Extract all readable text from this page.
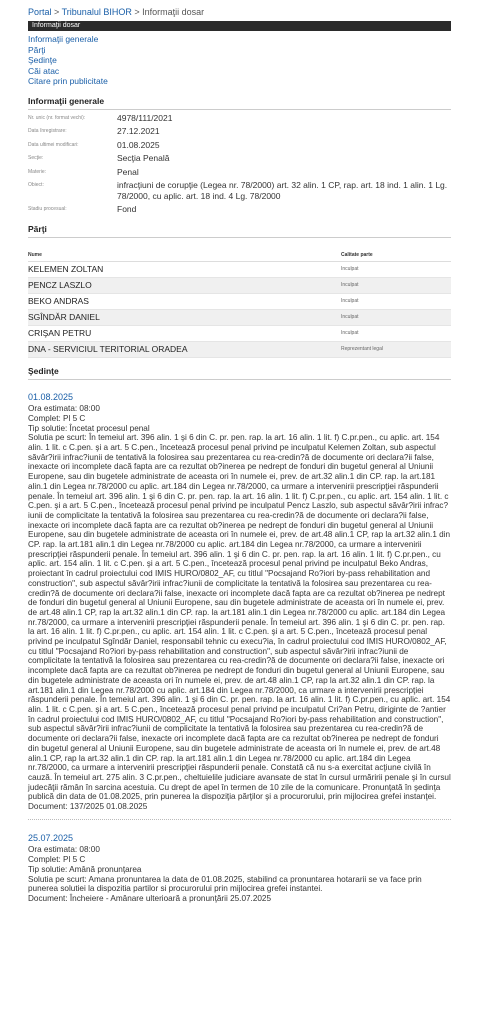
Portal > Tribunalul BIHOR > Informaţii dosar
Informaţii dosar
Informaţii generale
Părţi
Şedinţe
Căi atac
Citare prin publicitate
Informaţii generale
Nr. unic (nr. format vechi):	4978/111/2021
Data înregistrare:	27.12.2021
Data ultimei modificari:	01.08.2025
Secţie:	Secţia Penală
Materie:	Penal
Obiect:	infracţiuni de corupţie (Legea nr. 78/2000) art. 32 alin. 1 CP, rap. art. 18 ind. 1 alin. 1 Lg. 78/2000, cu aplic. art. 18 ind. 4 Lg. 78/2000
Stadiu procesual:	Fond
Părţi
Nume	Calitate parte
KELEMEN ZOLTAN	Inculpat
PENCZ LASZLO	Inculpat
BEKO ANDRAS	Inculpat
SGÎNDĂR DANIEL	Inculpat
CRIŞAN PETRU	Inculpat
DNA - SERVICIUL TERITORIAL ORADEA	Reprezentant legal
Şedinţe
01.08.2025
Ora estimata: 08:00
Complet: Pl 5 C
Tip solutie: Încetat procesul penal
Solutia pe scurt: În temeiul art. 396 alin. 1 şi 6 din C. pr. pen. rap. la art. 16 alin. 1 lit. f) C.pr.pen., cu aplic. art. 154 alin. 1 lit. c C.pen. şi a art. 5 C.pen., încetează procesul penal privind pe inculpatul Kelemen Zoltan, sub aspectul săvâr?irii infrac?iunii de tentativă la folosirea sau prezentarea cu rea-credin?ă de documente ori declara?ii false, inexacte ori incomplete dacă fapta are ca rezultat ob?inerea pe nedrept de fonduri din bugetul general al Uniunii Europene, sau din bugetele administrate de aceasta ori în numele ei, prev. de art.32 alin.1 din CP. rap. la art.181 alin.1 din Legea nr.78/2000 cu aplic. art.184 din Legea nr.78/2000, ca urmare a intervenirii prescripţiei răspunderii penale. În temeiul art. 396 alin. 1 şi 6 din C. pr. pen. rap. la art. 16 alin. 1 lit. f) C.pr.pen., cu aplic. art. 154 alin. 1 lit. c C.pen. şi a art. 5 C.pen., încetează procesul penal privind pe inculpatul Pencz Laszlo, sub aspectul săvâr?irii infrac?iunii de complicitate la tentativă la folosirea sau prezentarea cu rea-credin?ă de documente ori declara?ii false, inexacte ori incomplete dacă fapta are ca rezultat ob?inerea pe nedrept de fonduri din bugetul general al Uniunii Europene, sau din bugetele administrate de aceasta ori în numele ei, prev. de art.48 alin.1 CP, rap la art.32 alin.1 din CP. rap. la art.181 alin.1 din Legea nr.78/2000 cu aplic. art.184 din Legea nr.78/2000, ca urmare a intervenirii prescripţiei răspunderii penale. În temeiul art. 396 alin. 1 şi 6 din C. pr. pen. rap. la art. 16 alin. 1 lit. f) C.pr.pen., cu aplic. art. 154 alin. 1 lit. c C.pen. şi a art. 5 C.pen., încetează procesul penal privind pe inculpatul Beko Andras, proiectant în cadrul proiectului cod IMIS HURO/0802_AF, cu titlul "Pocsajand Ro?iori by-pass rehabilitation and construction", sub aspectul săvâr?irii infrac?iunii de complicitate la tentativă la folosirea sau prezentarea cu rea-credin?ă de documente ori declara?ii false, inexacte ori incomplete dacă fapta are ca rezultat ob?inerea pe nedrept de fonduri din bugetul general al Uniunii Europene, sau din bugetele administrate de aceasta ori în numele ei, prev. de art.48 alin.1 CP, rap la art.32 alin.1 din CP. rap. la art.181 alin.1 din Legea nr.78/2000 cu aplic. art.184 din Legea nr.78/2000, ca urmare a intervenirii prescripţiei răspunderii penale. În temeiul art. 396 alin. 1 şi 6 din C. pr. pen. rap. la art. 16 alin. 1 lit. f) C.pr.pen., cu aplic. art. 154 alin. 1 lit. c C.pen. şi a art. 5 C.pen., încetează procesul penal privind pe inculpatul Sgîndăr Daniel, responsabil tehnic cu execu?ia, în cadrul proiectului cod IMIS HURO/0802_AF, cu titlul "Pocsajand Ro?iori by-pass rehabilitation and construction", sub aspectul săvâr?irii infrac?iunii de complicitate la tentativă la folosirea sau prezentarea cu rea-credin?ă de documente ori declara?ii false, inexacte ori incomplete dacă fapta are ca rezultat ob?inerea pe nedrept de fonduri din bugetul general al Uniunii Europene, sau din bugetele administrate de aceasta ori în numele ei, prev. de art.48 alin.1 CP, rap la art.32 alin.1 din CP. rap. la art.181 alin.1 din Legea nr.78/2000 cu aplic. art.184 din Legea nr.78/2000, ca urmare a intervenirii prescripţiei răspunderii penale. În temeiul art. 396 alin. 1 şi 6 din C. pr. pen. rap. la art. 16 alin. 1 lit. f) C.pr.pen., cu aplic. art. 154 alin. 1 lit. c C.pen. şi a art. 5 C.pen., încetează procesul penal privind pe inculpatul Cri?an Petru, diriginte de ?antier în cadrul proiectului cod IMIS HURO/0802_AF, cu titlul "Pocsajand Ro?iori by-pass rehabilitation and construction", sub aspectul săvâr?irii infrac?iunii de complicitate la tentativă la folosirea sau prezentarea cu rea-credin?ă de documente ori declara?ii false, inexacte ori incomplete dacă fapta are ca rezultat ob?inerea pe nedrept de fonduri din bugetul general al Uniunii Europene, sau din bugetele administrate de aceasta ori în numele ei, prev. de art.48 alin.1 CP, rap la art.32 alin.1 din CP. rap. la art.181 alin.1 din Legea nr.78/2000 cu aplic. art.184 din Legea nr.78/2000, ca urmare a intervenirii prescripţiei răspunderii penale. Constată că nu s-a exercitat acţiune civilă în cauză. În temeiul art. 275 alin. 3 C.pr.pen., cheltuielile judiciare avansate de stat în cursul urmăririi penale şi în cursul judecăţii rămân în sarcina acestuia. Cu drept de apel în termen de 10 zile de la comunicare. Pronunţată în şedinţa publică din data de 01.08.2025, prin punerea la dispoziţia părţilor şi a procurorului, prin mijlocirea grefei instanţei.
Document: 137/2025 01.08.2025
25.07.2025
Ora estimata: 08:00
Complet: Pl 5 C
Tip solutie: Amână pronunţarea
Solutia pe scurt: Amana pronuntarea la data de 01.08.2025, stabilind ca pronuntarea hotararii se va face prin punerea solutiei la dispozitia partilor si procurorului prin mijlocirea grefei instantei.
Document: Încheiere - Amânare ulterioară a pronunţării 25.07.2025
